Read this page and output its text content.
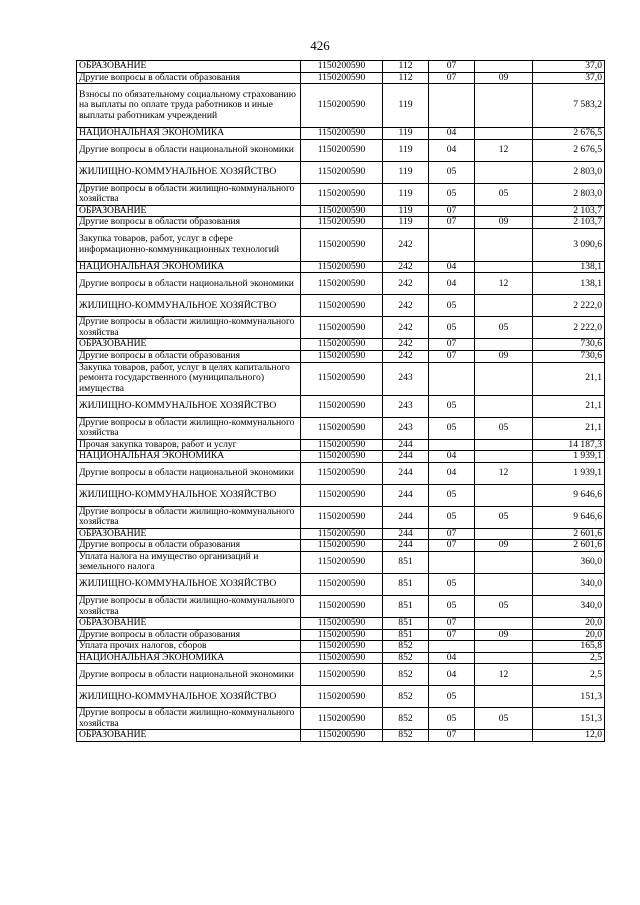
426
ОБРАЗОВАНИЕ	1150200590	112	07		37,0
Другие вопросы в области образования	1150200590	112	07	09	37,0
Взносы по обязательному социальному страхованию на выплаты по оплате труда работников и иные выплаты работникам учреждений	1150200590	119			7 583,2
НАЦИОНАЛЬНАЯ ЭКОНОМИКА	1150200590	119	04		2 676,5
Другие вопросы в области национальной экономики	1150200590	119	04	12	2 676,5
ЖИЛИЩНО-КОММУНАЛЬНОЕ ХОЗЯЙСТВО	1150200590	119	05		2 803,0
Другие вопросы в области жилищно-коммунального хозяйства	1150200590	119	05	05	2 803,0
ОБРАЗОВАНИЕ	1150200590	119	07		2 103,7
Другие вопросы в области образования	1150200590	119	07	09	2 103,7
Закупка товаров, работ, услуг в сфере информационно-коммуникационных технологий	1150200590	242			3 090,6
НАЦИОНАЛЬНАЯ ЭКОНОМИКА	1150200590	242	04		138,1
Другие вопросы в области национальной экономики	1150200590	242	04	12	138,1
ЖИЛИЩНО-КОММУНАЛЬНОЕ ХОЗЯЙСТВО	1150200590	242	05		2 222,0
Другие вопросы в области жилищно-коммунального хозяйства	1150200590	242	05	05	2 222,0
ОБРАЗОВАНИЕ	1150200590	242	07		730,6
Другие вопросы в области образования	1150200590	242	07	09	730,6
Закупка товаров, работ, услуг в целях капитального ремонта государственного (муниципального) имущества	1150200590	243			21,1
ЖИЛИЩНО-КОММУНАЛЬНОЕ ХОЗЯЙСТВО	1150200590	243	05		21,1
Другие вопросы в области жилищно-коммунального хозяйства	1150200590	243	05	05	21,1
Прочая закупка товаров, работ и услуг	1150200590	244			14 187,3
НАЦИОНАЛЬНАЯ ЭКОНОМИКА	1150200590	244	04		1 939,1
Другие вопросы в области национальной экономики	1150200590	244	04	12	1 939,1
ЖИЛИЩНО-КОММУНАЛЬНОЕ ХОЗЯЙСТВО	1150200590	244	05		9 646,6
Другие вопросы в области жилищно-коммунального хозяйства	1150200590	244	05	05	9 646,6
ОБРАЗОВАНИЕ	1150200590	244	07		2 601,6
Другие вопросы в области образования	1150200590	244	07	09	2 601,6
Уплата налога на имущество организаций и земельного налога	1150200590	851			360,0
ЖИЛИЩНО-КОММУНАЛЬНОЕ ХОЗЯЙСТВО	1150200590	851	05		340,0
Другие вопросы в области жилищно-коммунального хозяйства	1150200590	851	05	05	340,0
ОБРАЗОВАНИЕ	1150200590	851	07		20,0
Другие вопросы в области образования	1150200590	851	07	09	20,0
Уплата прочих налогов, сборов	1150200590	852			165,8
НАЦИОНАЛЬНАЯ ЭКОНОМИКА	1150200590	852	04		2,5
Другие вопросы в области национальной экономики	1150200590	852	04	12	2,5
ЖИЛИЩНО-КОММУНАЛЬНОЕ ХОЗЯЙСТВО	1150200590	852	05		151,3
Другие вопросы в области жилищно-коммунального хозяйства	1150200590	852	05	05	151,3
ОБРАЗОВАНИЕ	1150200590	852	07		12,0
